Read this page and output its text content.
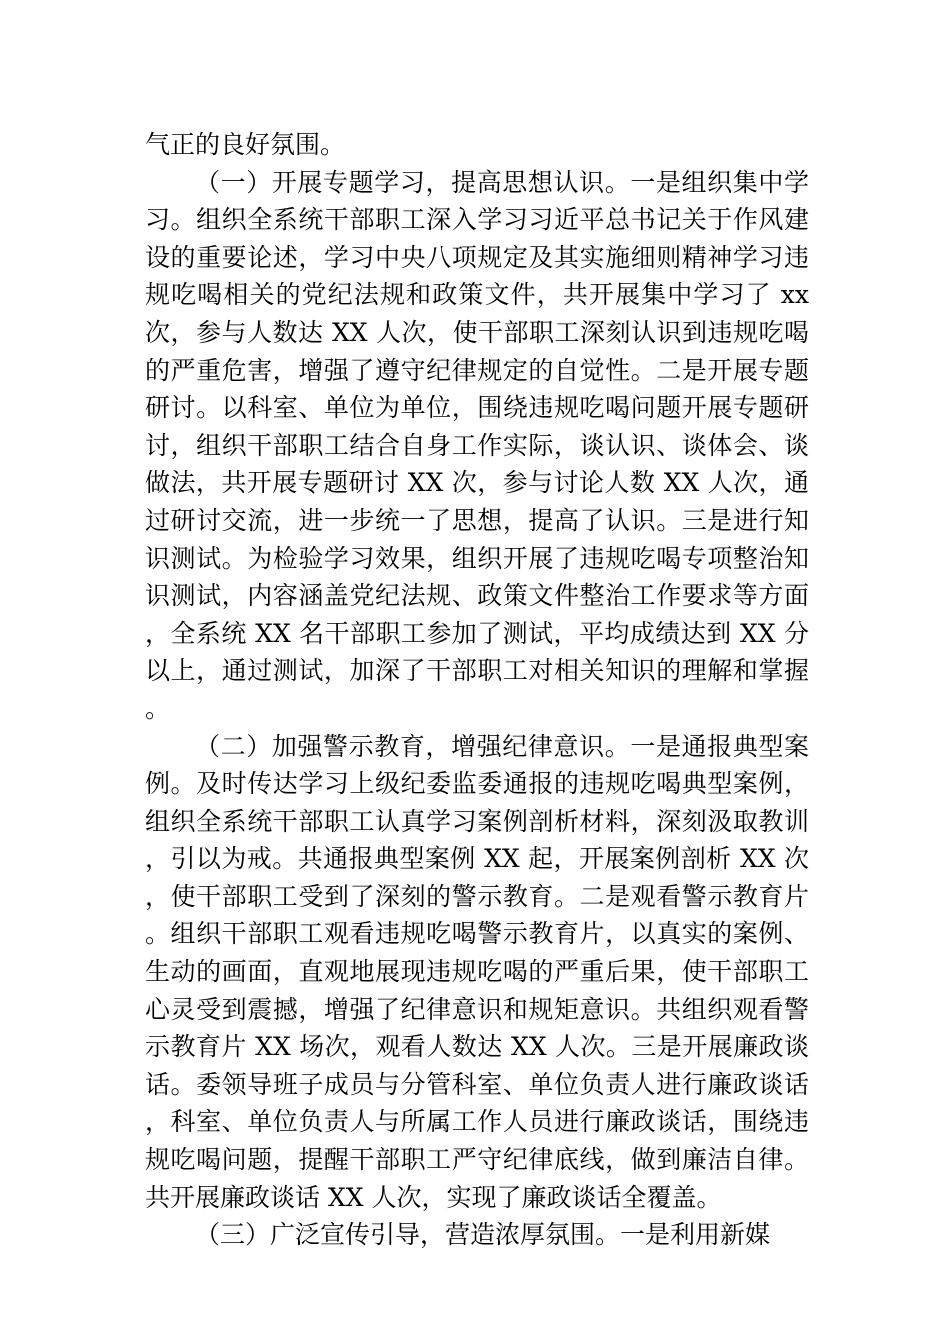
气正的良好氛围。

（一）开展专题学习，提高思想认识。一是组织集中学习。组织全系统干部职工深入学习习近平总书记关于作风建设的重要论述，学习中央八项规定及其实施细则精神学习违规吃喝相关的党纪法规和政策文件，共开展集中学习了 xx 次，参与人数达 XX 人次，使干部职工深刻认识到违规吃喝的严重危害，增强了遵守纪律规定的自觉性。二是开展专题研讨。以科室、单位为单位，围绕违规吃喝问题开展专题研讨，组织干部职工结合自身工作实际，谈认识、谈体会、谈做法，共开展专题研讨 XX 次，参与讨论人数 XX 人次，通过研讨交流，进一步统一了思想，提高了认识。三是进行知识测试。为检验学习效果，组织开展了违规吃喝专项整治知识测试，内容涵盖党纪法规、政策文件整治工作要求等方面，全系统 XX 名干部职工参加了测试，平均成绩达到 XX 分以上，通过测试，加深了干部职工对相关知识的理解和掌握。

（二）加强警示教育，增强纪律意识。一是通报典型案例。及时传达学习上级纪委监委通报的违规吃喝典型案例，组织全系统干部职工认真学习案例剖析材料，深刻汲取教训，引以为戒。共通报典型案例 XX 起，开展案例剖析 XX 次，使干部职工受到了深刻的警示教育。二是观看警示教育片。组织干部职工观看违规吃喝警示教育片，以真实的案例、生动的画面，直观地展现违规吃喝的严重后果，使干部职工心灵受到震撼，增强了纪律意识和规矩意识。共组织观看警示教育片 XX 场次，观看人数达 XX 人次。三是开展廉政谈话。委领导班子成员与分管科室、单位负责人进行廉政谈话，科室、单位负责人与所属工作人员进行廉政谈话，围绕违规吃喝问题，提醒干部职工严守纪律底线，做到廉洁自律。共开展廉政谈话 XX 人次，实现了廉政谈话全覆盖。

（三）广泛宣传引导，营造浓厚氛围。一是利用新媒
